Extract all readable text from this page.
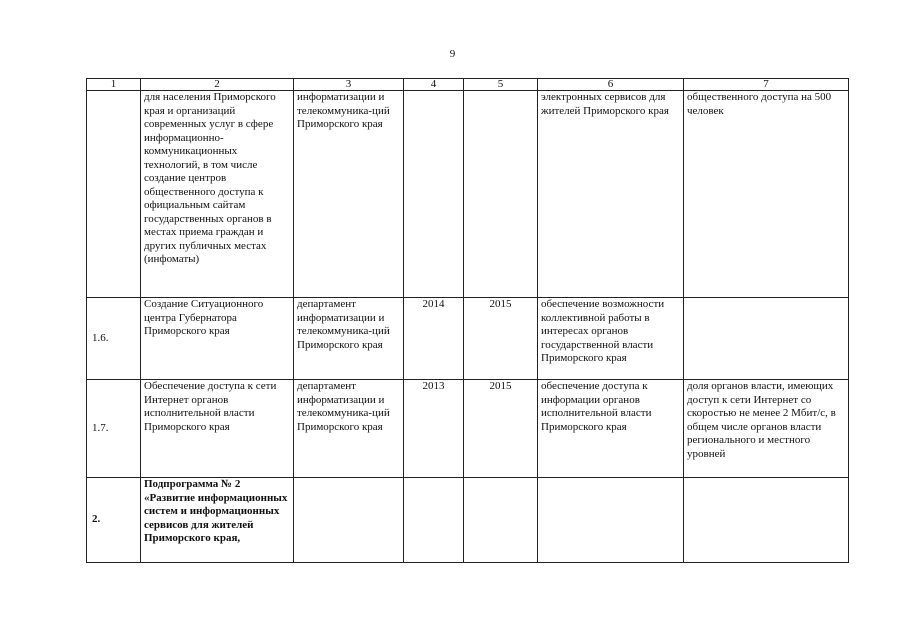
9
1	2	3	4	5	6	7
	для населения Приморского края и организаций современных услуг в сфере информационно-коммуникационных технологий, в том числе создание центров общественного доступа к официальным сайтам государственных органов в местах приема граждан и других публичных местах (инфоматы)	информатизации и телекоммуника-ций Приморского края			электронных сервисов для жителей Приморского края	общественного доступа на 500 человек
1.6.	Создание Ситуационного центра Губернатора Приморского края	департамент информатизации и телекоммуника-ций Приморского края	2014	2015	обеспечение возможности коллективной работы в интересах органов государственной власти Приморского края	
1.7.	Обеспечение доступа к сети Интернет органов исполнительной власти Приморского края	департамент информатизации и телекоммуника-ций Приморского края	2013	2015	обеспечение доступа к информации органов исполнительной власти Приморского края	доля органов власти, имеющих доступ к сети Интернет со скоростью не менее 2 Мбит/с, в общем числе органов власти регионального и местного уровней
2.	Подпрограмма № 2 «Развитие информационных систем и информационных сервисов для жителей Приморского края,					
